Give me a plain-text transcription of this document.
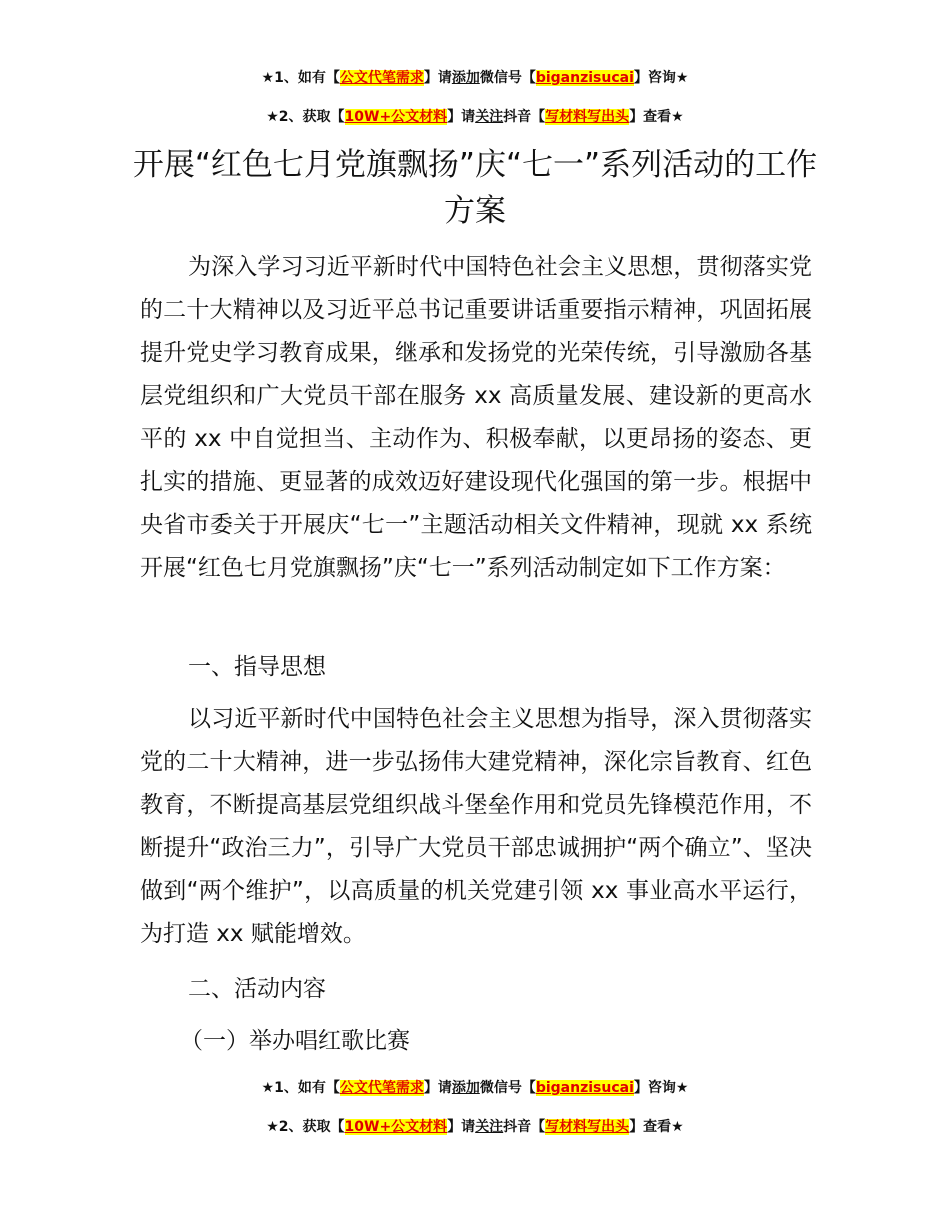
★1、如有【公文代笔需求】请添加微信号【biganzisucai】咨询★
★2、获取【10W+公文材料】请关注抖音【写材料写出头】查看★
开展“红色七月党旗飘扬”庆“七一”系列活动的工作方案

为深入学习习近平新时代中国特色社会主义思想，贯彻落实党的二十大精神以及习近平总书记重要讲话重要指示精神，巩固拓展提升党史学习教育成果，继承和发扬党的光荣传统，引导激励各基层党组织和广大党员干部在服务 xx 高质量发展、建设新的更高水平的 xx 中自觉担当、主动作为、积极奉献，以更昂扬的姿态、更扎实的措施、更显著的成效迈好建设现代化强国的第一步。根据中央省市委关于开展庆“七一”主题活动相关文件精神，现就 xx 系统开展“红色七月党旗飘扬”庆“七一”系列活动制定如下工作方案：

一、指导思想

以习近平新时代中国特色社会主义思想为指导，深入贯彻落实党的二十大精神，进一步弘扬伟大建党精神，深化宗旨教育、红色教育，不断提高基层党组织战斗堡垒作用和党员先锋模范作用，不断提升“政治三力”，引导广大党员干部忠诚拥护“两个确立”、坚决做到“两个维护”，以高质量的机关党建引领 xx 事业高水平运行，为打造 xx 赋能增效。

二、活动内容
（一）举办唱红歌比赛
★1、如有【公文代笔需求】请添加微信号【biganzisucai】咨询★
★2、获取【10W+公文材料】请关注抖音【写材料写出头】查看★
